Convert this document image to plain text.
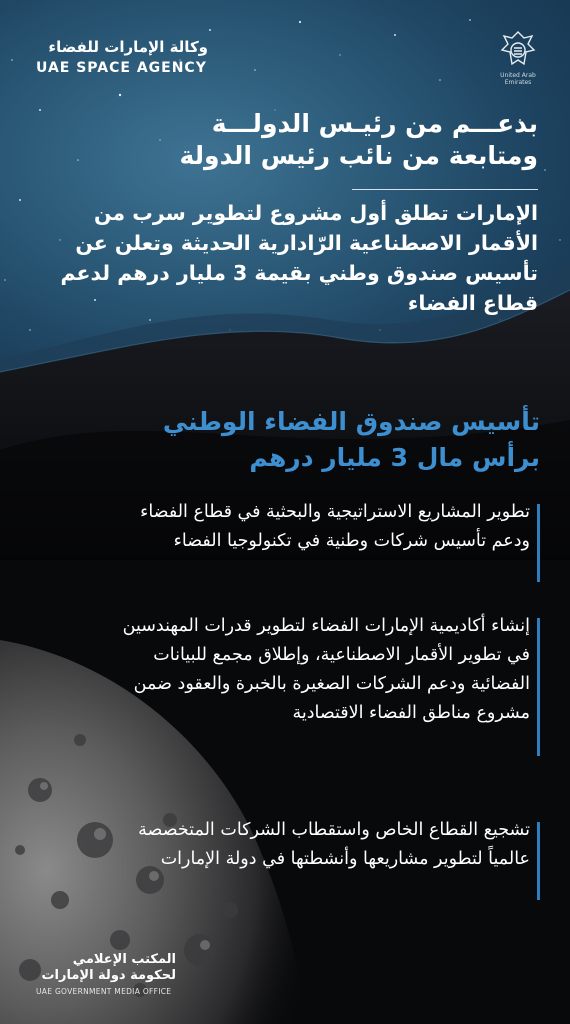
وكالة الإمارات للفضاء
UAE SPACE AGENCY	United Arab Emirates
بدعـــم من رئيـس الدولـــة
ومتابعة من نائب رئيس الدولة
الإمارات تطلق أول مشروع لتطوير سرب من الأقمار الاصطناعية الرّادارية الحديثة وتعلن عن تأسيس صندوق وطني بقيمة 3 مليار درهم لدعم قطاع الفضاء
تأسيس صندوق الفضاء الوطني
برأس مال 3 مليار درهم
تطوير المشاريع الاستراتيجية والبحثية في قطاع الفضاء ودعم تأسيس شركات وطنية في تكنولوجيا الفضاء
إنشاء أكاديمية الإمارات الفضاء لتطوير قدرات المهندسين في تطوير الأقمار الاصطناعية، وإطلاق مجمع للبيانات الفضائية ودعم الشركات الصغيرة بالخبرة والعقود ضمن مشروع مناطق الفضاء الاقتصادية
تشجيع القطاع الخاص واستقطاب الشركات المتخصصة عالمياً لتطوير مشاريعها وأنشطتها في دولة الإمارات
المكتب الإعلامي
لحكومة دولة الإمارات
UAE GOVERNMENT MEDIA OFFICE
